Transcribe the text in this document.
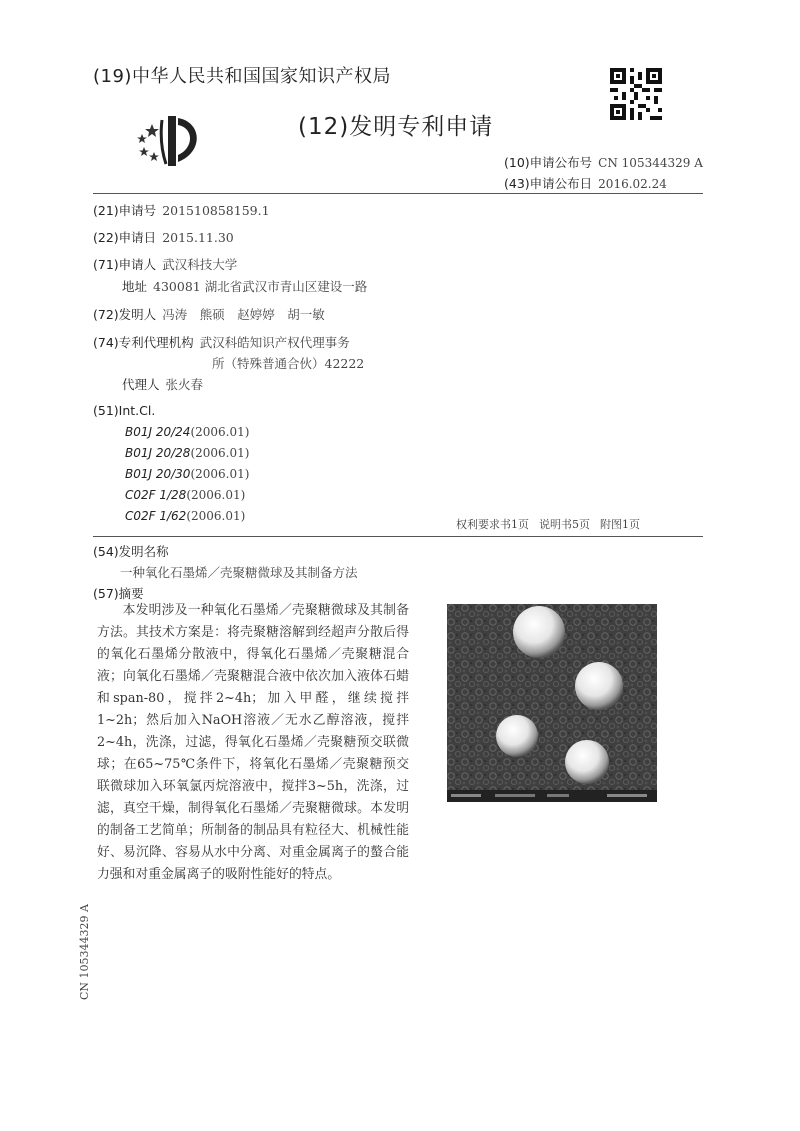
(19)中华人民共和国国家知识产权局
(12)发明专利申请
(10)申请公布号 CN 105344329 A
(43)申请公布日 2016.02.24
(21)申请号 201510858159.1
(22)申请日 2015.11.30
(71)申请人 武汉科技大学
地址 430081 湖北省武汉市青山区建设一路
(72)发明人 冯涛　熊硕　赵婷婷　胡一敏
(74)专利代理机构 武汉科皓知识产权代理事务
所（特殊普通合伙）42222
代理人 张火春
(51)Int.Cl.
B01J 20/24(2006.01)
B01J 20/28(2006.01)
B01J 20/30(2006.01)
C02F 1/28(2006.01)
C02F 1/62(2006.01)
权利要求书1页 说明书5页 附图1页
(54)发明名称
一种氧化石墨烯／壳聚糖微球及其制备方法
(57)摘要
本发明涉及一种氧化石墨烯／壳聚糖微球及其制备方法。其技术方案是：将壳聚糖溶解到经超声分散后得的氧化石墨烯分散液中，得氧化石墨烯／壳聚糖混合液；向氧化石墨烯／壳聚糖混合液中依次加入液体石蜡和span-80，搅拌2~4h；加入甲醛，继续搅拌1~2h；然后加入NaOH溶液／无水乙醇溶液，搅拌2~4h，洗涤，过滤，得氧化石墨烯／壳聚糖预交联微球；在65~75℃条件下，将氧化石墨烯／壳聚糖预交联微球加入环氧氯丙烷溶液中，搅拌3~5h，洗涤，过滤，真空干燥，制得氧化石墨烯／壳聚糖微球。本发明的制备工艺简单；所制备的制品具有粒径大、机械性能好、易沉降、容易从水中分离、对重金属离子的螯合能力强和对重金属离子的吸附性能好的特点。
CN 105344329 A
